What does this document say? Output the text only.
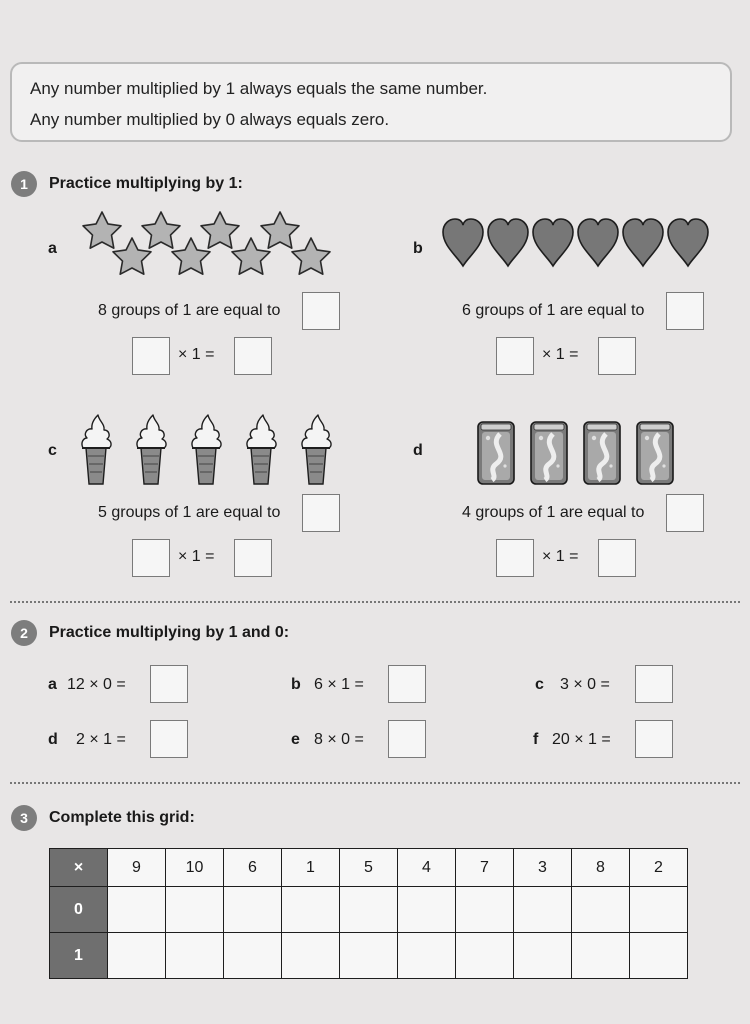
Any number multiplied by 1 always equals the same number.
Any number multiplied by 0 always equals zero.
1	Practice multiplying by 1:
a
8 groups of 1 are equal to
× 1 =
b
6 groups of 1 are equal to
× 1 =
c
5 groups of 1 are equal to
× 1 =
d
4 groups of 1 are equal to
× 1 =
2	Practice multiplying by 1 and 0:
a 12 × 0 =	b 6 × 1 =	c 3 × 0 =
d 2 × 1 =	e 8 × 0 =	f 20 × 1 =
3	Complete this grid:
×	9	10	6	1	5	4	7	3	8	2
0										
1										
